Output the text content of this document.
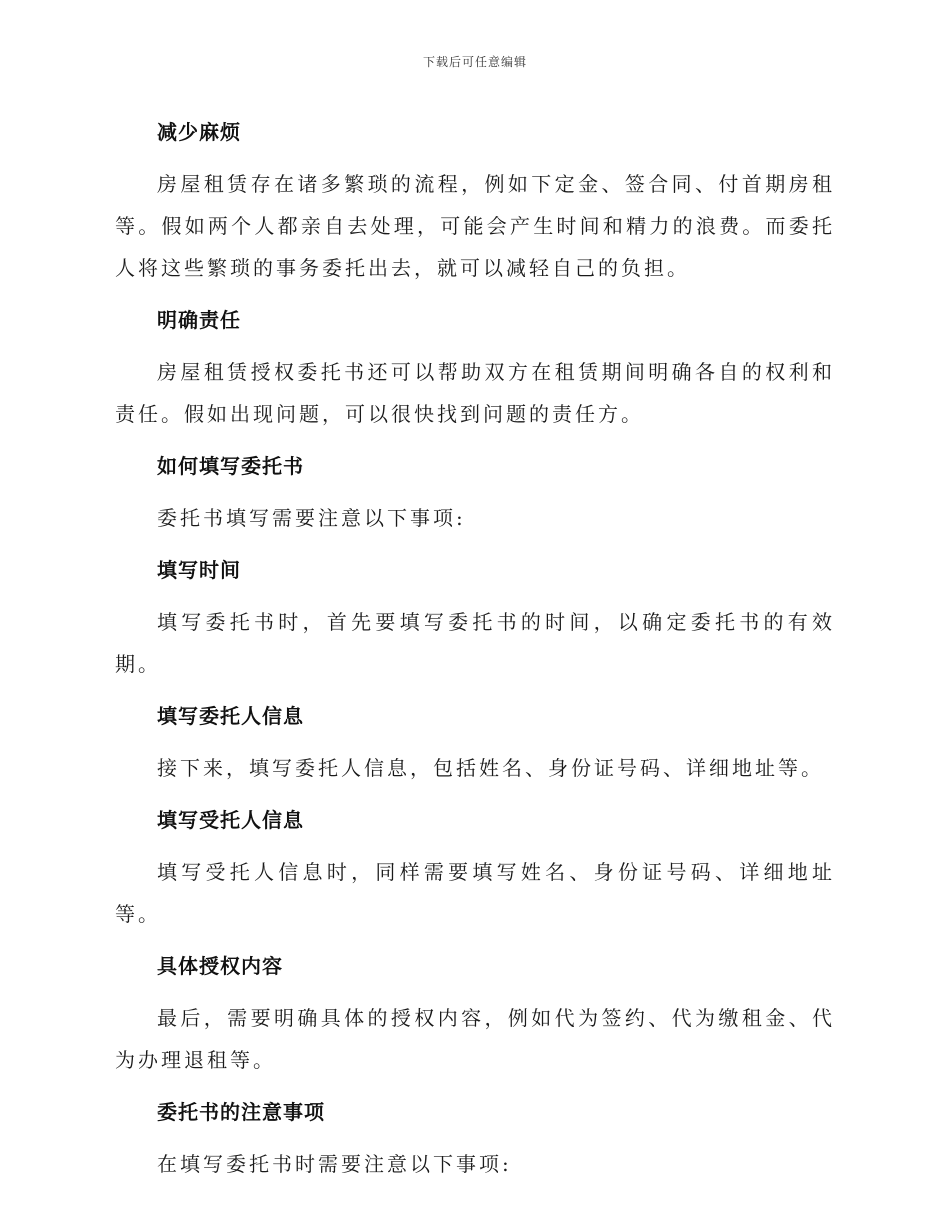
下载后可任意编辑
减少麻烦

房屋租赁存在诸多繁琐的流程，例如下定金、签合同、付首期房租等。假如两个人都亲自去处理，可能会产生时间和精力的浪费。而委托人将这些繁琐的事务委托出去，就可以减轻自己的负担。

明确责任

房屋租赁授权委托书还可以帮助双方在租赁期间明确各自的权利和责任。假如出现问题，可以很快找到问题的责任方。

如何填写委托书

委托书填写需要注意以下事项:

填写时间

填写委托书时，首先要填写委托书的时间，以确定委托书的有效期。

填写委托人信息

接下来，填写委托人信息，包括姓名、身份证号码、详细地址等。

填写受托人信息

填写受托人信息时，同样需要填写姓名、身份证号码、详细地址等。

具体授权内容

最后，需要明确具体的授权内容，例如代为签约、代为缴租金、代为办理退租等。

委托书的注意事项

在填写委托书时需要注意以下事项:
